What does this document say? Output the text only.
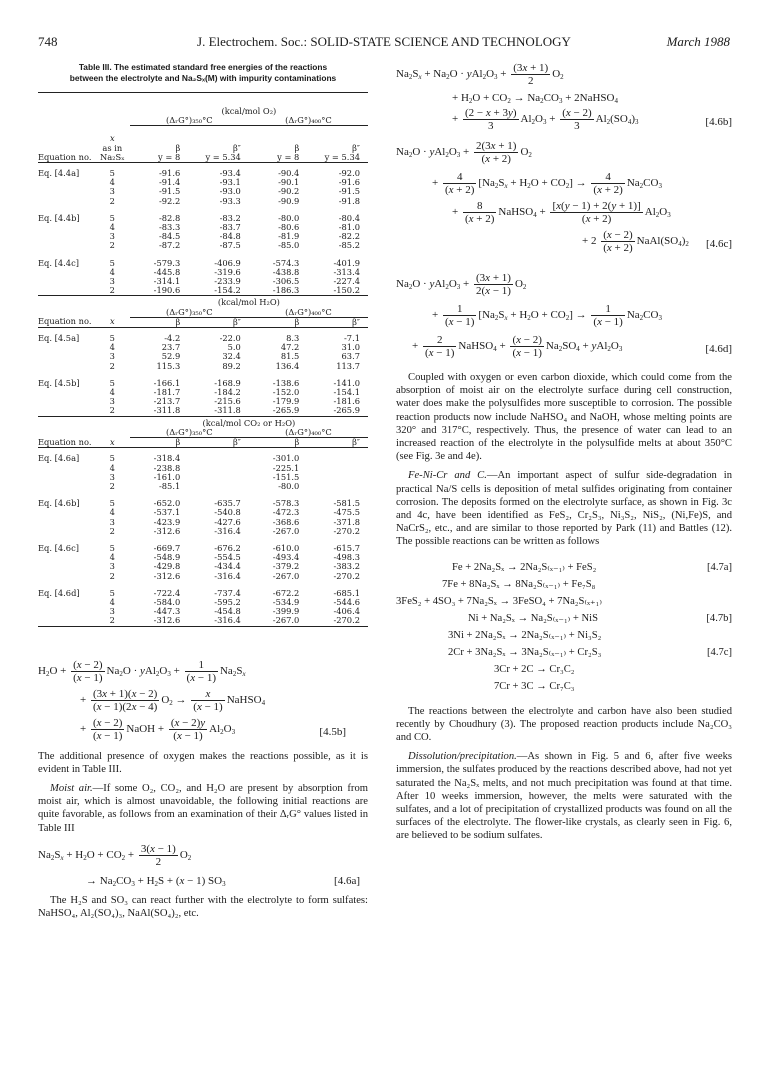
748	J. Electrochem. Soc.: SOLID-STATE SCIENCE AND TECHNOLOGY	March 1988
Table III. The estimated standard free energies of the reactions
between the electrolyte and Na₂Sₓ(M) with impurity contaminations

		(kcal/mol O₂)			
		(ΔᵣG°)₃₅₀°C		(ΔᵣG°)₄₀₀°C	

	x				
	as in	β	β″	β	β″
Equation no.	Na₂Sₓ	y = 8	y = 5.34	y = 8	y = 5.34

Eq. [4.4a]	5	-91.6	-93.4	-90.4	-92.0
	4	-91.4	-93.1	-90.1	-91.6
	3	-91.5	-93.0	-90.2	-91.5
	2	-92.2	-93.3	-90.9	-91.8

Eq. [4.4b]	5	-82.8	-83.2	-80.0	-80.4
	4	-83.3	-83.7	-80.6	-81.0
	3	-84.5	-84.8	-81.9	-82.2
	2	-87.2	-87.5	-85.0	-85.2

Eq. [4.4c]	5	-579.3	-406.9	-574.3	-401.9
	4	-445.8	-319.6	-438.8	-313.4
	3	-314.1	-233.9	-306.5	-227.4
	2	-190.6	-154.2	-186.3	-150.2

		(kcal/mol H₂O)			
		(ΔᵣG°)₃₅₀°C		(ΔᵣG°)₄₀₀°C	
Equation no.	x	β	β″	β	β″

Eq. [4.5a]	5	-4.2	-22.0	8.3	-7.1
	4	23.7	5.0	47.2	31.0
	3	52.9	32.4	81.5	63.7
	2	115.3	89.2	136.4	113.7

Eq. [4.5b]	5	-166.1	-168.9	-138.6	-141.0
	4	-181.7	-184.2	-152.0	-154.1
	3	-213.7	-215.6	-179.9	-181.6
	2	-311.8	-311.8	-265.9	-265.9

		(kcal/mol CO₂ or H₂O)			
		(ΔᵣG°)₃₅₀°C		(ΔᵣG°)₄₀₀°C	
Equation no.	x	β	β″	β	β″

Eq. [4.6a]	5	-318.4		-301.0	
	4	-238.8		-225.1	
	3	-161.0		-151.5	
	2	-85.1		-80.0	

Eq. [4.6b]	5	-652.0	-635.7	-578.3	-581.5
	4	-537.1	-540.8	-472.3	-475.5
	3	-423.9	-427.6	-368.6	-371.8
	2	-312.6	-316.4	-267.0	-270.2

Eq. [4.6c]	5	-669.7	-676.2	-610.0	-615.7
	4	-548.9	-554.5	-493.4	-498.3
	3	-429.8	-434.4	-379.2	-383.2
	2	-312.6	-316.4	-267.0	-270.2

Eq. [4.6d]	5	-722.4	-737.4	-672.2	-685.1
	4	-584.0	-595.2	-534.9	-544.6
	3	-447.3	-454.8	-399.9	-406.4
	2	-312.6	-316.4	-267.0	-270.2

$H_2O + \frac{(x - 2)}{(x - 1)} Na_2O \cdot yAl_2O_3 + \frac{1}{(x - 1)} Na_2S_x$
+ $\frac{(3x + 1)(x - 2)}{(x - 1)(2x - 4)} O_2 \to \frac{x}{(x - 1)}$ NaHSO$_4$
+ $\frac{(x - 2)}{(x - 1)}$ NaOH + $\frac{(x - 2)y}{(x - 1)} Al_2O_3$	[4.5b]
The additional presence of oxygen makes the reactions possible, as it is evident in Table III.
Moist air.—If some O₂, CO₂, and H₂O are present by absorption from moist air, which is almost unavoidable, the following initial reactions are quite favorable, as follows from an examination of their ΔᵣG° values listed in Table III
$Na_2S_x + H_2O + CO_2 + \frac{3(x - 1)}{2} O_2$
→ $Na_2CO_3 + H_2S + (x - 1)$ $SO_3$	[4.6a]
The H₂S and SO₃ can react further with the electrolyte to form sulfates: NaHSO₄, Al₂(SO₄)₃, NaAl(SO₄)₂, etc.
$Na_2S_x + Na_2O \cdot yAl_2O_3 + \frac{(3x + 1)}{2} O_2$
+ $H_2O + CO_2 \to Na_2CO_3$ + 2NaHSO$_4$
+ $\frac{(2 - x + 3y)}{3} Al_2O_3 + \frac{(x - 2)}{3} Al_2(SO_4)_3$	[4.6b]
$Na_2O \cdot yAl_2O_3 + \frac{2(3x + 1)}{(x + 2)} O_2$
+ $\frac{4}{(x + 2)} [Na_2S_x + H_2O + CO_2] \to \frac{4}{(x + 2)} Na_2CO_3$
+ $\frac{8}{(x + 2)}$ NaHSO$_4$ + $\frac{[x(y - 1) + 2(y + 1)]}{(x + 2)} Al_2O_3$
+ $2 \frac{(x - 2)}{(x + 2)}$ $NaAl(SO_4)_2$ [4.6c]
$Na_2O \cdot yAl_2O_3 + \frac{(3x + 1)}{2(x - 1)} O_2$
+ $\frac{1}{(x - 1)} [Na_2S_x + H_2O + CO_2] \to \frac{1}{(x - 1)} Na_2CO_3$
+ $\frac{2}{(x - 1)}$ NaHSO$_4$ + $\frac{(x - 2)}{(x - 1)} Na_2SO_4 + yAl_2O_3$	[4.6d]
Coupled with oxygen or even carbon dioxide, which could come from the absorption of moist air on the electrolyte surface during cell construction, water does make the polysulfides more susceptible to corrosion. The possible reaction products now include NaHSO₄ and NaOH, whose melting points are 320° and 317°C, respectively. Thus, the presence of water can lead to an increased reaction of the electrolyte in the polysulfide melts at about 350°C (see Fig. 3e and 4e).
Fe-Ni-Cr and C.—An important aspect of sulfur side-degradation in practical Na/S cells is deposition of metal sulfides originating from container corrosion. The deposits formed on the electrolyte surface, as shown in Fig. 3c and 4c, have been identified as FeS₂, Cr₂S₃, Ni₃S₂, NiS₂, (Ni,Fe)S, and NaCrS₂, etc., and are similar to those reported by Park (11) and Battles (12). The possible reactions can be written as follows
Fe + 2Na₂Sₓ → 2Na₂S₍ₓ₋₁₎ + FeS₂	[4.7a]
7Fe + 8Na₂Sₓ → 8Na₂S₍ₓ₋₁₎ + Fe₇S₈
3FeS₂ + 4SO₃ + 7Na₂Sₓ → 3FeSO₄ + 7Na₂S₍ₓ₊₁₎
Ni + Na₂Sₓ → Na₂S₍ₓ₋₁₎ + NiS	[4.7b]
3Ni + 2Na₂Sₓ → 2Na₂S₍ₓ₋₁₎ + Ni₃S₂
2Cr + 3Na₂Sₓ → 3Na₂S₍ₓ₋₁₎ + Cr₂S₃	[4.7c]
3Cr + 2C → Cr₃C₂
7Cr + 3C → Cr₇C₃
The reactions between the electrolyte and carbon have also been studied recently by Choudhury (3). The proposed reaction products include Na₂CO₃ and CO.
Dissolution/precipitation.—As shown in Fig. 5 and 6, after five weeks immersion, the sulfates produced by the reactions described above, had not yet saturated the Na₂Sₓ melts, and not much precipitation was found at that time. After 10 weeks immersion, however, the melts were saturated with the sulfates, and a lot of precipitation of crystallized products was found on all the surfaces of the electrolyte. The flower-like crystals, as clearly seen in Fig. 6, are believed to be sodium sulfates.
